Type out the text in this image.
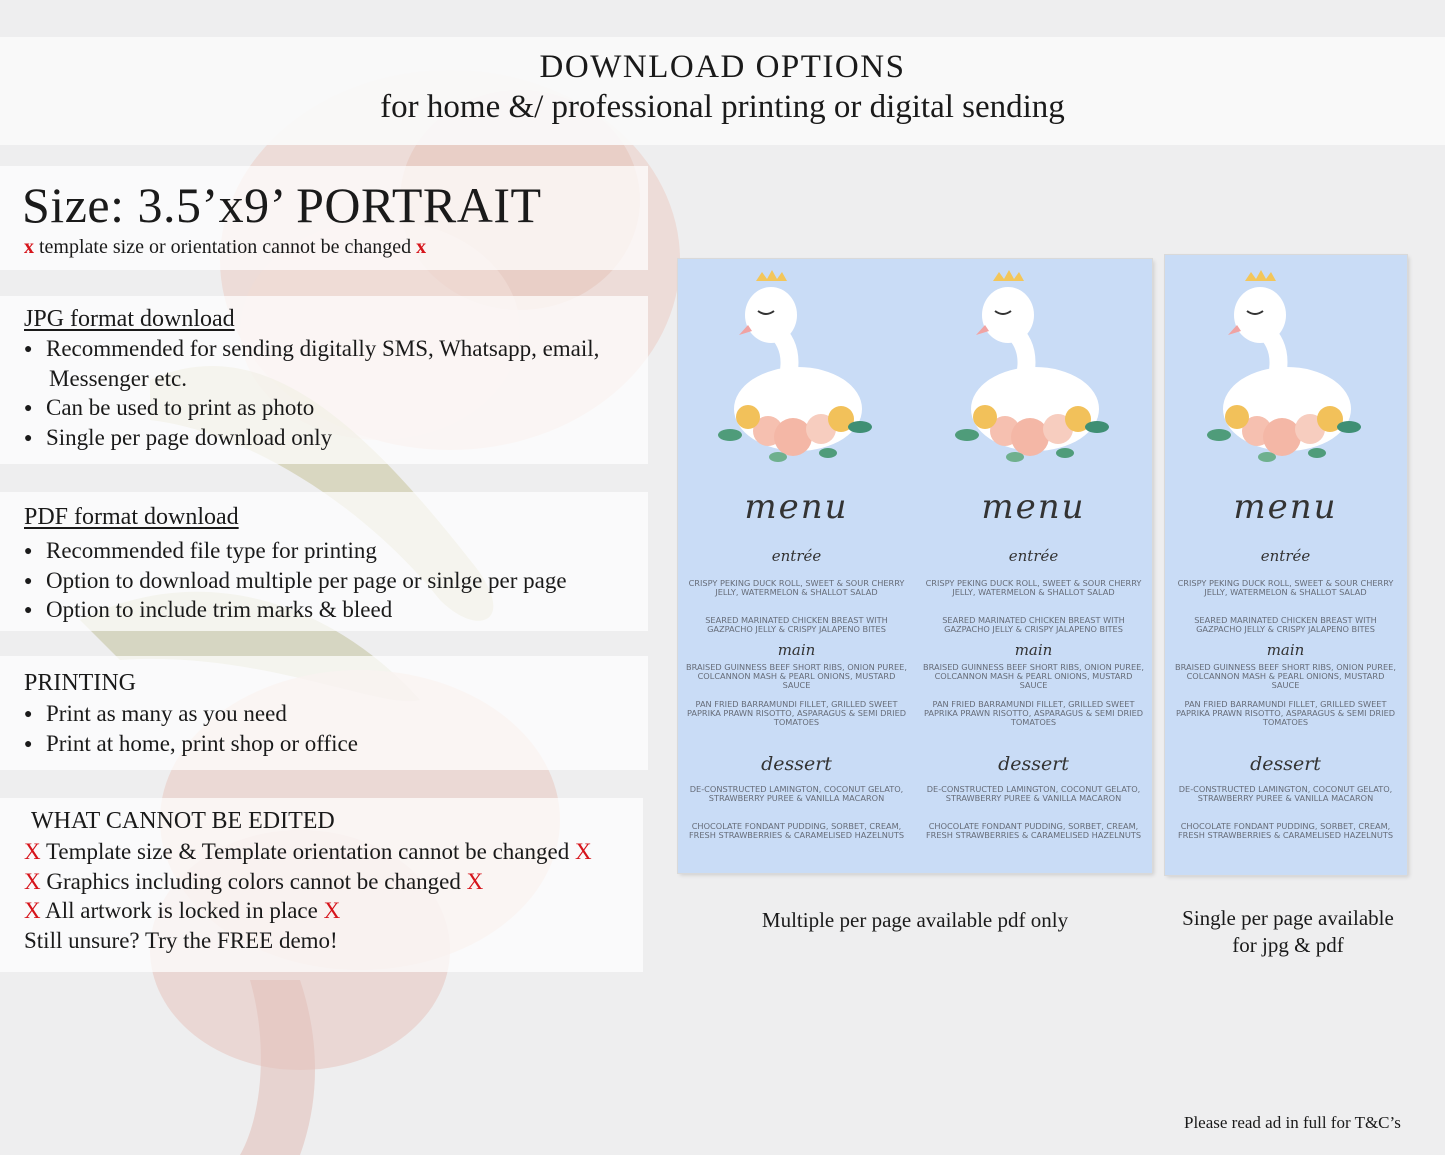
DOWNLOAD OPTIONS
for home &/ professional printing or digital sending
Size: 3.5’x9’ PORTRAIT
x template size or orientation cannot be changed x
JPG format download
● Recommended for sending digitally SMS, Whatsapp, email,
Messenger etc.
● Can be used to print as photo
● Single per page download only
PDF format download
● Recommended file type for printing
● Option to download multiple per page or sinlge per page
● Option to include trim marks & bleed
PRINTING
● Print as many as you need
● Print at home, print shop or office
WHAT CANNOT BE EDITED
X Template size & Template orientation cannot be changed X
X Graphics including colors cannot be changed X
X All artwork is locked in place X
Still unsure? Try the FREE demo!
menu
entrée
CRISPY PEKING DUCK ROLL, SWEET & SOUR CHERRY JELLY, WATERMELON & SHALLOT SALAD
SEARED MARINATED CHICKEN BREAST WITH GAZPACHO JELLY & CRISPY JALAPENO BITES
main
BRAISED GUINNESS BEEF SHORT RIBS, ONION PUREE, COLCANNON MASH & PEARL ONIONS, MUSTARD SAUCE
PAN FRIED BARRAMUNDI FILLET, GRILLED SWEET PAPRIKA PRAWN RISOTTO, ASPARAGUS & SEMI DRIED TOMATOES
dessert
DE-CONSTRUCTED LAMINGTON, COCONUT GELATO, STRAWBERRY PUREE & VANILLA MACARON
CHOCOLATE FONDANT PUDDING, SORBET, CREAM, FRESH STRAWBERRIES & CARAMELISED HAZELNUTS
menu
entrée
CRISPY PEKING DUCK ROLL, SWEET & SOUR CHERRY JELLY, WATERMELON & SHALLOT SALAD
SEARED MARINATED CHICKEN BREAST WITH GAZPACHO JELLY & CRISPY JALAPENO BITES
main
BRAISED GUINNESS BEEF SHORT RIBS, ONION PUREE, COLCANNON MASH & PEARL ONIONS, MUSTARD SAUCE
PAN FRIED BARRAMUNDI FILLET, GRILLED SWEET PAPRIKA PRAWN RISOTTO, ASPARAGUS & SEMI DRIED TOMATOES
dessert
DE-CONSTRUCTED LAMINGTON, COCONUT GELATO, STRAWBERRY PUREE & VANILLA MACARON
CHOCOLATE FONDANT PUDDING, SORBET, CREAM, FRESH STRAWBERRIES & CARAMELISED HAZELNUTS
menu
entrée
CRISPY PEKING DUCK ROLL, SWEET & SOUR CHERRY JELLY, WATERMELON & SHALLOT SALAD
SEARED MARINATED CHICKEN BREAST WITH GAZPACHO JELLY & CRISPY JALAPENO BITES
main
BRAISED GUINNESS BEEF SHORT RIBS, ONION PUREE, COLCANNON MASH & PEARL ONIONS, MUSTARD SAUCE
PAN FRIED BARRAMUNDI FILLET, GRILLED SWEET PAPRIKA PRAWN RISOTTO, ASPARAGUS & SEMI DRIED TOMATOES
dessert
DE-CONSTRUCTED LAMINGTON, COCONUT GELATO, STRAWBERRY PUREE & VANILLA MACARON
CHOCOLATE FONDANT PUDDING, SORBET, CREAM, FRESH STRAWBERRIES & CARAMELISED HAZELNUTS
Multiple per page available pdf only	Single per page available
for jpg & pdf
Please read ad in full for T&C’s
